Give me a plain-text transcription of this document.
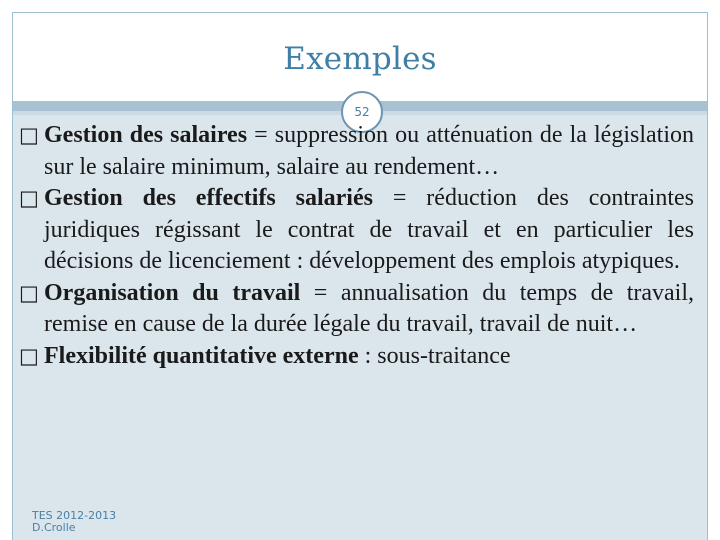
Exemples
52
□ Gestion des salaires = suppression ou atténuation de la législation sur le salaire minimum, salaire au rendement…
□ Gestion des effectifs salariés = réduction des contraintes juridiques régissant le contrat de travail et en particulier les décisions de licenciement : développement des emplois atypiques.
□ Organisation du travail = annualisation du temps de travail, remise en cause de la durée légale du travail, travail de nuit…
□ Flexibilité quantitative externe : sous-traitance
TES 2012-2013
D.Crolle
